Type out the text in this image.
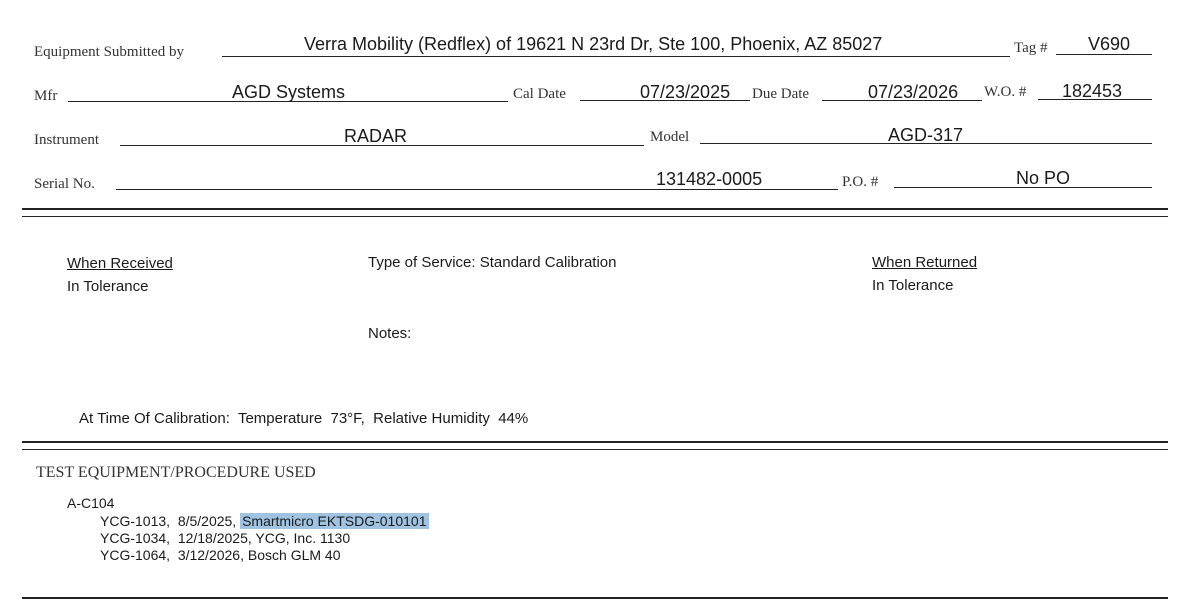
Equipment Submitted by	Verra Mobility (Redflex) of 19621 N 23rd Dr, Ste 100, Phoenix, AZ 85027	Tag # V690
Mfr	AGD Systems	Cal Date	07/23/2025 Due Date	07/23/2026 W.O. # 182453
Instrument	RADAR	Model	AGD-317
Serial No.	131482-0005	P.O. #	No PO
When Received
In Tolerance
Type of Service: Standard Calibration	When Returned
In Tolerance
Notes:
At Time Of Calibration:  Temperature  73°F,  Relative Humidity  44%
TEST EQUIPMENT/PROCEDURE USED
A-C104
YCG-1013,  8/5/2025, Smartmicro EKTSDG-010101
YCG-1034,  12/18/2025, YCG, Inc. 1130
YCG-1064,  3/12/2026, Bosch GLM 40
